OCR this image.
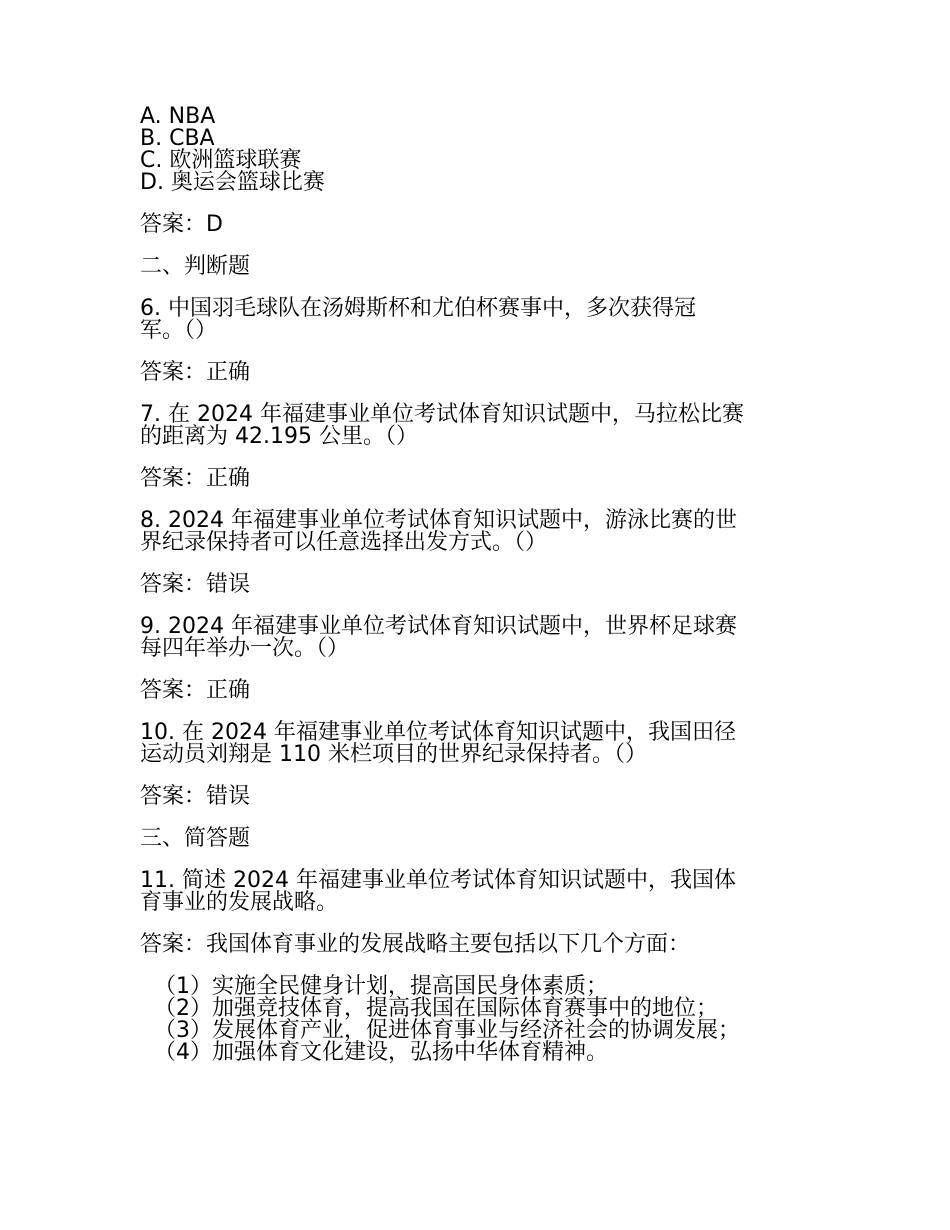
A. NBA
B. CBA
C. 欧洲篮球联赛
D. 奥运会篮球比赛
答案：D
二、判断题
6. 中国羽毛球队在汤姆斯杯和尤伯杯赛事中，多次获得冠
军。（）
答案：正确
7. 在 2024 年福建事业单位考试体育知识试题中，马拉松比赛
的距离为 42.195 公里。（）
答案：正确
8. 2024 年福建事业单位考试体育知识试题中，游泳比赛的世
界纪录保持者可以任意选择出发方式。（）
答案：错误
9. 2024 年福建事业单位考试体育知识试题中，世界杯足球赛
每四年举办一次。（）
答案：正确
10. 在 2024 年福建事业单位考试体育知识试题中，我国田径
运动员刘翔是 110 米栏项目的世界纪录保持者。（）
答案：错误
三、简答题
11. 简述 2024 年福建事业单位考试体育知识试题中，我国体
育事业的发展战略。
答案：我国体育事业的发展战略主要包括以下几个方面：
（1）实施全民健身计划，提高国民身体素质；
（2）加强竞技体育，提高我国在国际体育赛事中的地位；
（3）发展体育产业，促进体育事业与经济社会的协调发展；
（4）加强体育文化建设，弘扬中华体育精神。
